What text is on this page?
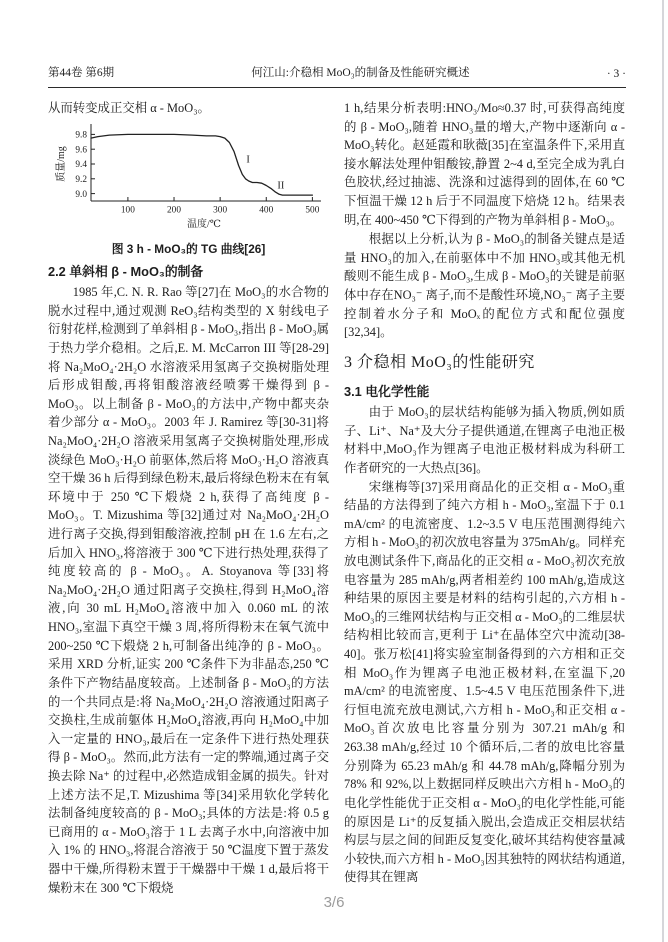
第44卷 第6期	何江山:介稳相 MoO₃的制备及性能研究概述	· 3 ·

从而转变成正交相 α - MoO₃。

9.0
9.2
9.4
9.6
9.8
100	200	300	400	500
I
II
温度/℃
质量/mg
图 3 h - MoO₃的 TG 曲线[26]

2.2 单斜相 β - MoO₃的制备

1985 年,C. N. R. Rao 等[27]在 MoO₃的水合物的脱水过程中,通过观测 ReO₃结构类型的 X 射线电子衍射花样,检测到了单斜相 β - MoO₃,指出 β - MoO₃属于热力学介稳相。之后,E. M. McCarron III 等[28-29]将 Na₂MoO₄·2H₂O 水溶液采用氢离子交换树脂处理后形成钼酸,再将钼酸溶液经喷雾干燥得到 β - MoO₃。以上制备 β - MoO₃的方法中,产物中都夹杂着少部分 α - MoO₃。2003 年 J. Ramirez 等[30-31]将 Na₂MoO₄·2H₂O 溶液采用氢离子交换树脂处理,形成淡绿色 MoO₃·H₂O 前驱体,然后将 MoO₃·H₂O 溶液真空干燥 36 h 后得到绿色粉末,最后将绿色粉末在有氧环境中于 250 ℃下煅烧 2 h,获得了高纯度 β - MoO₃。T. Mizushima 等[32]通过对 Na₂MoO₄·2H₂O 进行离子交换,得到钼酸溶液,控制 pH 在 1.6 左右,之后加入 HNO₃,将溶液于 300 ℃下进行热处理,获得了纯度较高的 β - MoO₃。A. Stoyanova 等[33]将 Na₂MoO₄·2H₂O 通过阳离子交换柱,得到 H₂MoO₄溶液,向 30 mL H₂MoO₄溶液中加入 0.060 mL 的浓 HNO₃,室温下真空干燥 3 周,将所得粉末在氧气流中 200~250 ℃下煅烧 2 h,可制备出纯净的 β - MoO₃。采用 XRD 分析,证实 200 ℃条件下为非晶态,250 ℃条件下产物结晶度较高。上述制备 β - MoO₃的方法的一个共同点是:将 Na₂MoO₄·2H₂O 溶液通过阳离子交换柱,生成前躯体 H₂MoO₄溶液,再向 H₂MoO₄中加入一定量的 HNO₃,最后在一定条件下进行热处理获得 β - MoO₃。然而,此方法有一定的弊端,通过离子交换去除 Na⁺ 的过程中,必然造成钼金属的损失。针对上述方法不足,T. Mizushima 等[34]采用软化学转化法制备纯度较高的 β - MoO₃;具体的方法是:将 0.5 g 已商用的 α - MoO₃溶于 1 L 去离子水中,向溶液中加入 1% 的 HNO₃,将混合溶液于 50 ℃温度下置于蒸发器中干燥,所得粉末置于干燥器中干燥 1 d,最后将干燥粉末在 300 ℃下煅烧

1 h,结果分析表明:HNO₃/Mo≈0.37 时,可获得高纯度的 β - MoO₃,随着 HNO₃量的增大,产物中逐渐向 α - MoO₃转化。赵延霞和耿薇[35]在室温条件下,采用直接水解法处理仲钼酸铵,静置 2~4 d,至完全成为乳白色胶状,经过抽滤、洗涤和过滤得到的固体,在 60 ℃下恒温干燥 12 h 后于不同温度下焙烧 12 h。结果表明,在 400~450 ℃下得到的产物为单斜相 β - MoO₃。

根据以上分析,认为 β - MoO₃的制备关键点是适量 HNO₃的加入,在前驱体中不加 HNO₃或其他无机酸则不能生成 β - MoO₃,生成 β - MoO₃的关键是前驱体中存在NO₃⁻ 离子,而不是酸性环境,NO₃⁻ 离子主要控制着水分子和 MoOₓ的配位方式和配位强度[32,34]。

3 介稳相 MoO₃的性能研究

3.1 电化学性能

由于 MoO₃的层状结构能够为插入物质,例如质子、Li⁺、Na⁺及大分子提供通道,在锂离子电池正极材料中,MoO₃作为锂离子电池正极材料成为科研工作者研究的一大热点[36]。

宋继梅等[37]采用商品化的正交相 α - MoO₃重结晶的方法得到了纯六方相 h - MoO₃,室温下于 0.1 mA/cm² 的电流密度、1.2~3.5 V 电压范围测得纯六方相 h - MoO₃的初次放电容量为 375mAh/g。同样充放电测试条件下,商品化的正交相 α - MoO₃初次充放电容量为 285 mAh/g,两者相差约 100 mAh/g,造成这种结果的原因主要是材料的结构引起的,六方相 h - MoO₃的三维网状结构与正交相 α - MoO₃的二维层状结构相比较而言,更利于 Li⁺在晶体空穴中流动[38-40]。张万松[41]将实验室制备得到的六方相和正交相 MoO₃作为锂离子电池正极材料,在室温下,20 mA/cm² 的电流密度、1.5~4.5 V 电压范围条件下,进行恒电流充放电测试,六方相 h - MoO₃和正交相 α - MoO₃首次放电比容量分别为 307.21 mAh/g 和 263.38 mAh/g,经过 10 个循环后,二者的放电比容量分别降为 65.23 mAh/g 和 44.78 mAh/g,降幅分别为 78% 和 92%,以上数据同样反映出六方相 h - MoO₃的电化学性能优于正交相 α - MoO₃的电化学性能,可能的原因是 Li⁺的反复插入脱出,会造成正交相层状结构层与层之间的间距反复变化,破坏其结构使容量减小较快,而六方相 h - MoO₃因其独特的网状结构通道,使得其在锂离

3/6
